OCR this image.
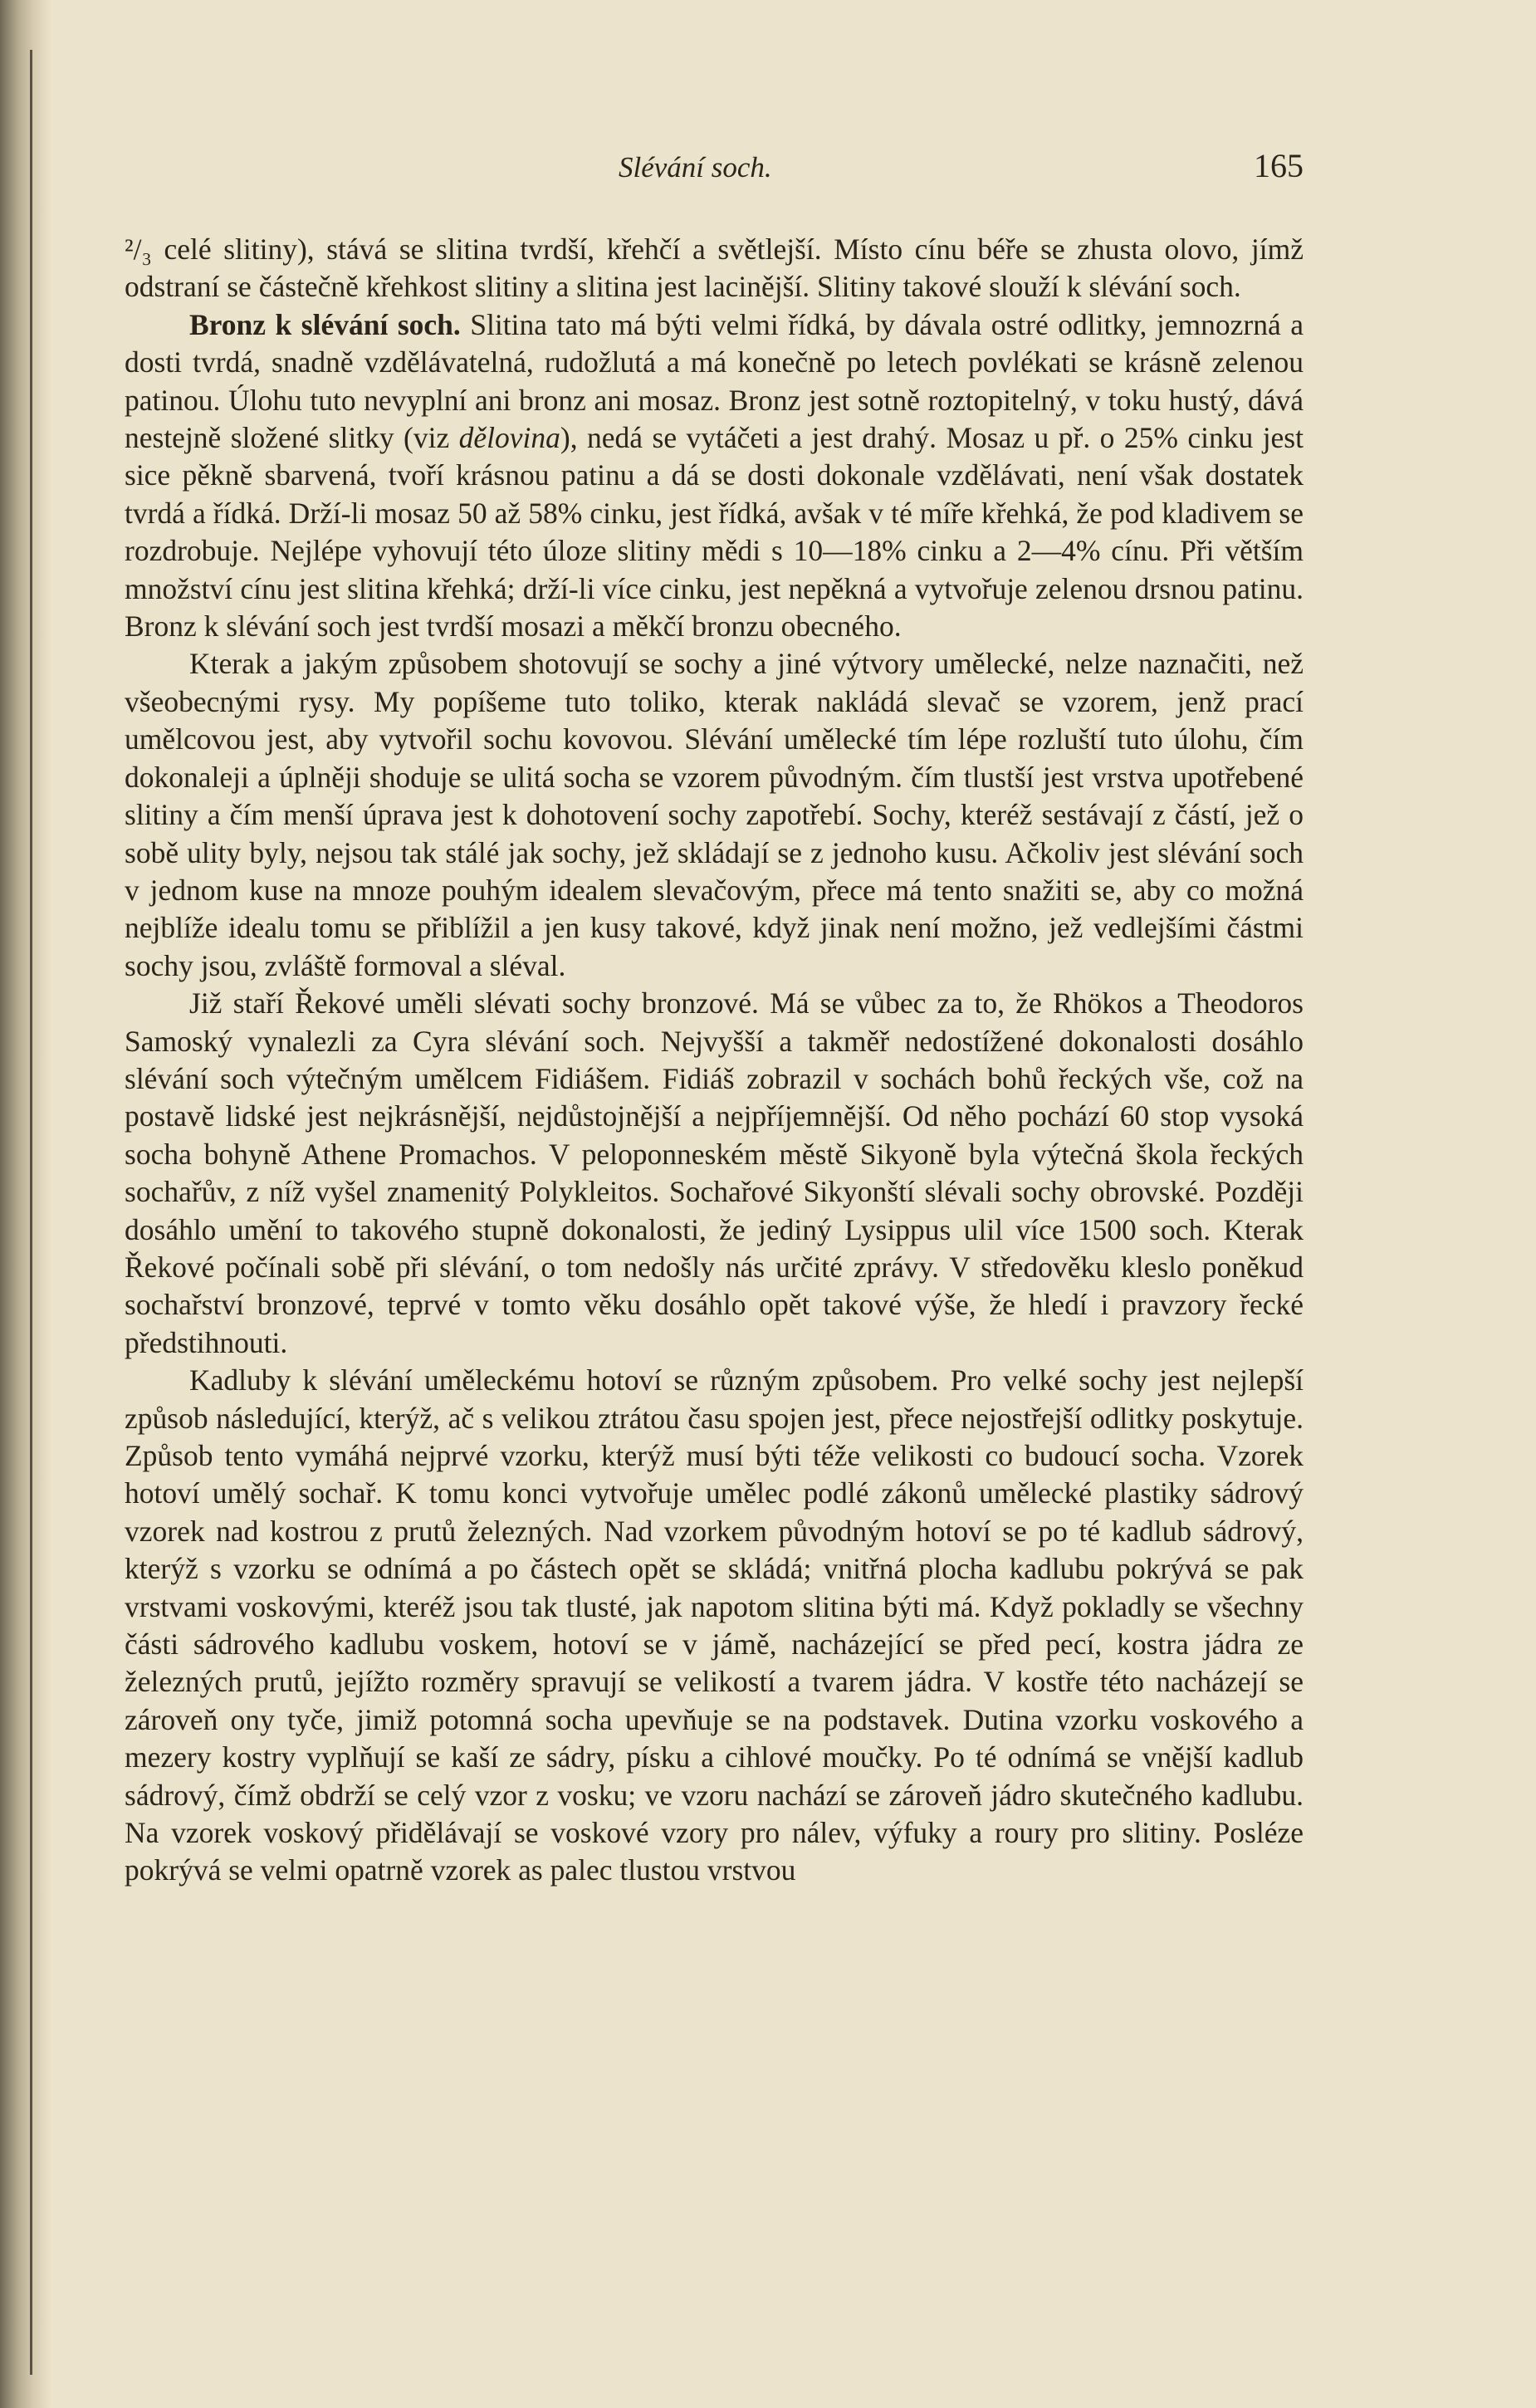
Slévání soch.	165

²/₃ celé slitiny), stává se slitina tvrdší, křehčí a světlejší. Místo cínu béře se zhusta olovo, jímž odstraní se částečně křehkost slitiny a slitina jest lacinější. Slitiny takové slouží k slévání soch.

Bronz k slévání soch. Slitina tato má býti velmi řídká, by dávala ostré odlitky, jemnozrná a dosti tvrdá, snadně vzdělávatelná, rudožlutá a má konečně po letech povlékati se krásně zelenou patinou. Úlohu tuto nevyplní ani bronz ani mosaz. Bronz jest sotně roztopitelný, v toku hustý, dává nestejně složené slitky (viz dělovina), nedá se vytáčeti a jest drahý. Mosaz u př. o 25% cinku jest sice pěkně sbarvená, tvoří krásnou patinu a dá se dosti dokonale vzdělávati, není však dostatek tvrdá a řídká. Drží-li mosaz 50 až 58% cinku, jest řídká, avšak v té míře křehká, že pod kladivem se rozdrobuje. Nejlépe vyhovují této úloze slitiny mědi s 10—18% cinku a 2—4% cínu. Při větším množství cínu jest slitina křehká; drží-li více cinku, jest nepěkná a vytvořuje zelenou drsnou patinu. Bronz k slévání soch jest tvrdší mosazi a měkčí bronzu obecného.

Kterak a jakým způsobem shotovují se sochy a jiné výtvory umělecké, nelze naznačiti, než všeobecnými rysy. My popíšeme tuto toliko, kterak nakládá slevač se vzorem, jenž prací umělcovou jest, aby vytvořil sochu kovovou. Slévání umělecké tím lépe rozluští tuto úlohu, čím dokonaleji a úplněji shoduje se ulitá socha se vzorem původným. čím tlustší jest vrstva upotřebené slitiny a čím menší úprava jest k dohotovení sochy zapotřebí. Sochy, kteréž sestávají z částí, jež o sobě ulity byly, nejsou tak stálé jak sochy, jež skládají se z jednoho kusu. Ačkoliv jest slévání soch v jednom kuse na mnoze pouhým idealem slevačovým, přece má tento snažiti se, aby co možná nejblíže idealu tomu se přiblížil a jen kusy takové, když jinak není možno, jež vedlejšími částmi sochy jsou, zvláště formoval a sléval.

Již staří Řekové uměli slévati sochy bronzové. Má se vůbec za to, že Rhökos a Theodoros Samoský vynalezli za Cyra slévání soch. Nejvyšší a takměř nedostížené dokonalosti dosáhlo slévání soch výtečným umělcem Fidiášem. Fidiáš zobrazil v sochách bohů řeckých vše, což na postavě lidské jest nejkrásnější, nejdůstojnější a nejpříjemnější. Od něho pochází 60 stop vysoká socha bohyně Athene Promachos. V peloponneském městě Sikyoně byla výtečná škola řeckých sochařův, z níž vyšel znamenitý Polykleitos. Sochařové Sikyonští slévali sochy obrovské. Později dosáhlo umění to takového stupně dokonalosti, že jediný Lysippus ulil více 1500 soch. Kterak Řekové počínali sobě při slévání, o tom nedošly nás určité zprávy. V středověku kleslo poněkud sochařství bronzové, teprvé v tomto věku dosáhlo opět takové výše, že hledí i pravzory řecké předstihnouti.

Kadluby k slévání uměleckému hotoví se různým způsobem. Pro velké sochy jest nejlepší způsob následující, kterýž, ač s velikou ztrátou času spojen jest, přece nejostřejší odlitky poskytuje. Způsob tento vymáhá nejprvé vzorku, kterýž musí býti téže velikosti co budoucí socha. Vzorek hotoví umělý sochař. K tomu konci vytvořuje umělec podlé zákonů umělecké plastiky sádrový vzorek nad kostrou z prutů železných. Nad vzorkem původným hotoví se po té kadlub sádrový, kterýž s vzorku se odnímá a po částech opět se skládá; vnitřná plocha kadlubu pokrývá se pak vrstvami voskovými, kteréž jsou tak tlusté, jak napotom slitina býti má. Když pokladly se všechny části sádrového kadlubu voskem, hotoví se v jámě, nacházející se před pecí, kostra jádra ze železných prutů, jejížto rozměry spravují se velikostí a tvarem jádra. V kostře této nacházejí se zároveň ony tyče, jimiž potomná socha upevňuje se na podstavek. Dutina vzorku voskového a mezery kostry vyplňují se kaší ze sádry, písku a cihlové moučky. Po té odnímá se vnější kadlub sádrový, čímž obdrží se celý vzor z vosku; ve vzoru nachází se zároveň jádro skutečného kadlubu. Na vzorek voskový přidělávají se voskové vzory pro nálev, výfuky a roury pro slitiny. Posléze pokrývá se velmi opatrně vzorek as palec tlustou vrstvou
